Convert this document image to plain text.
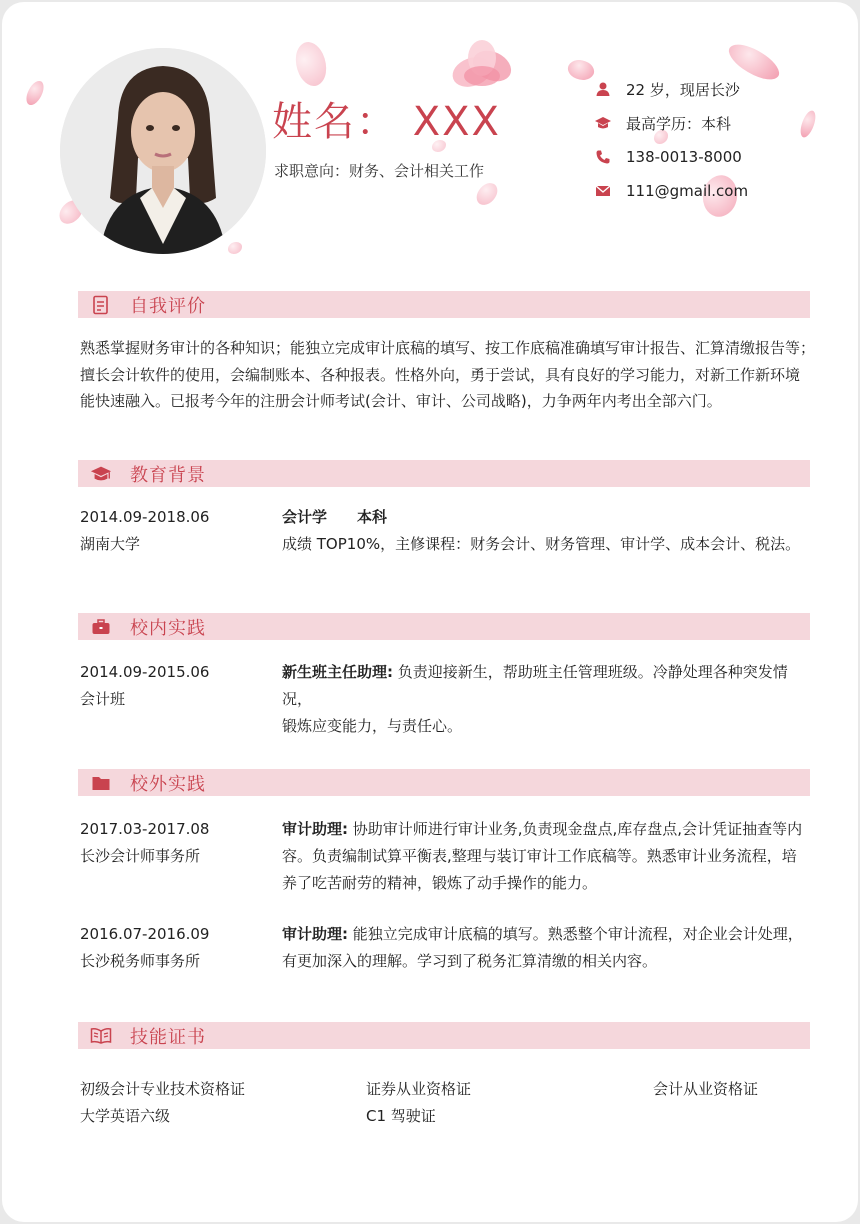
姓名： XXX
求职意向：财务、会计相关工作
22 岁，现居长沙
最高学历：本科
138-0013-8000
111@gmail.com
自我评价
熟悉掌握财务审计的各种知识；能独立完成审计底稿的填写、按工作底稿准确填写审计报告、汇算清缴报告等；
擅长会计软件的使用，会编制账本、各种报表。性格外向，勇于尝试，具有良好的学习能力，对新工作新环境
能快速融入。已报考今年的注册会计师考试(会计、审计、公司战略)，力争两年内考出全部六门。
教育背景
2014.09-2018.06
湖南大学
会计学 本科
成绩 TOP10%，主修课程：财务会计、财务管理、审计学、成本会计、税法。
校内实践
2014.09-2015.06
会计班
新生班主任助理: 负责迎接新生，帮助班主任管理班级。冷静处理各种突发情况，
锻炼应变能力，与责任心。
校外实践
2017.03-2017.08
长沙会计师事务所
审计助理: 协助审计师进行审计业务,负责现金盘点,库存盘点,会计凭证抽查等内
容。负责编制试算平衡表,整理与装订审计工作底稿等。熟悉审计业务流程，培
养了吃苦耐劳的精神，锻炼了动手操作的能力。
2016.07-2016.09
长沙税务师事务所
审计助理: 能独立完成审计底稿的填写。熟悉整个审计流程，对企业会计处理，
有更加深入的理解。学习到了税务汇算清缴的相关内容。
技能证书
初级会计专业技术资格证	证券从业资格证	会计从业资格证
大学英语六级	C1 驾驶证
